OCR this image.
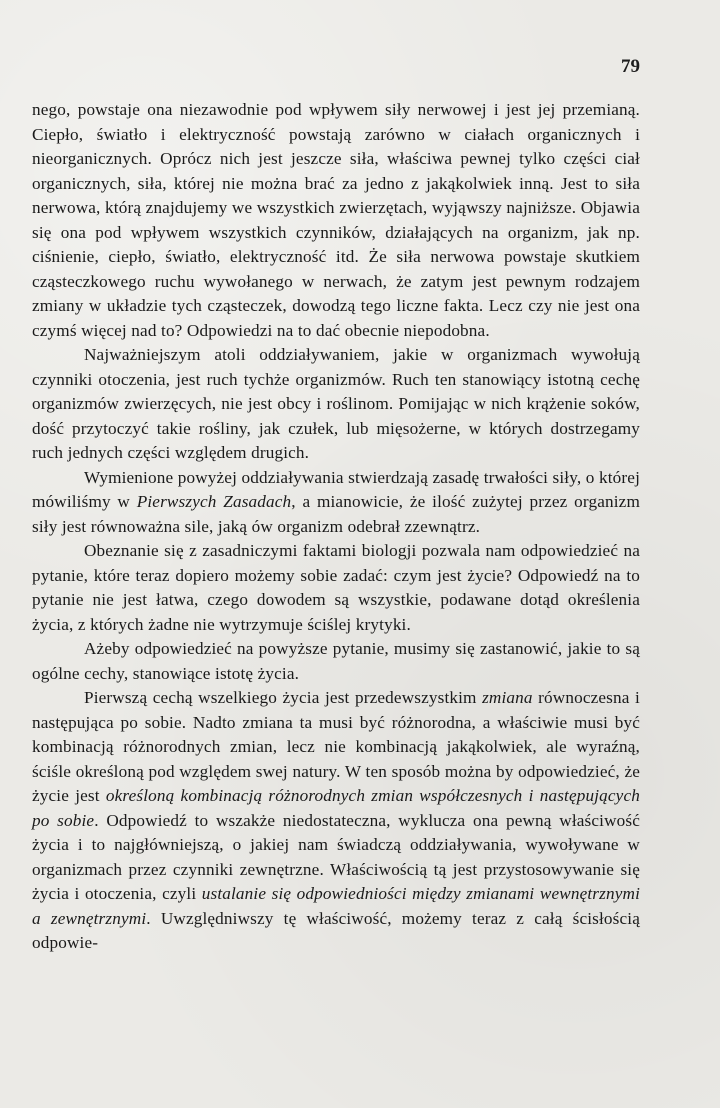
79

nego, powstaje ona niezawodnie pod wpływem siły nerwowej i jest jej przemianą. Ciepło, światło i elektryczność powstają zarówno w ciałach organicznych i nieorganicznych. Oprócz nich jest jeszcze siła, właściwa pewnej tylko części ciał organicznych, siła, której nie można brać za jedno z jakąkolwiek inną. Jest to siła nerwowa, którą znajdujemy we wszystkich zwierzętach, wyjąwszy najniższe. Objawia się ona pod wpływem wszystkich czynników, działających na organizm, jak np. ciśnienie, ciepło, światło, elektryczność itd. Że siła nerwowa powstaje skutkiem cząsteczkowego ruchu wywołanego w nerwach, że zatym jest pewnym rodzajem zmiany w układzie tych cząsteczek, dowodzą tego liczne fakta. Lecz czy nie jest ona czymś więcej nad to? Odpowiedzi na to dać obecnie niepodobna.

Najważniejszym atoli oddziaływaniem, jakie w organizmach wywołują czynniki otoczenia, jest ruch tychże organizmów. Ruch ten stanowiący istotną cechę organizmów zwierzęcych, nie jest obcy i roślinom. Pomijając w nich krążenie soków, dość przytoczyć takie rośliny, jak czułek, lub mięsożerne, w których dostrzegamy ruch jednych części względem drugich.

Wymienione powyżej oddziaływania stwierdzają zasadę trwałości siły, o której mówiliśmy w Pierwszych Zasadach, a mianowicie, że ilość zużytej przez organizm siły jest równoważna sile, jaką ów organizm odebrał zzewnątrz.

Obeznanie się z zasadniczymi faktami biologji pozwala nam odpowiedzieć na pytanie, które teraz dopiero możemy sobie zadać: czym jest życie? Odpowiedź na to pytanie nie jest łatwa, czego dowodem są wszystkie, podawane dotąd określenia życia, z których żadne nie wytrzymuje ściślej krytyki.

Ażeby odpowiedzieć na powyższe pytanie, musimy się zastanowić, jakie to są ogólne cechy, stanowiące istotę życia.

Pierwszą cechą wszelkiego życia jest przedewszystkim zmiana równoczesna i następująca po sobie. Nadto zmiana ta musi być różnorodna, a właściwie musi być kombinacją różnorodnych zmian, lecz nie kombinacją jakąkolwiek, ale wyraźną, ściśle określoną pod względem swej natury. W ten sposób można by odpowiedzieć, że życie jest określoną kombinacją różnorodnych zmian współczesnych i następujących po sobie. Odpowiedź to wszakże niedostateczna, wyklucza ona pewną właściwość życia i to najgłówniejszą, o jakiej nam świadczą oddziaływania, wywoływane w organizmach przez czynniki zewnętrzne. Właściwością tą jest przystosowywanie się życia i otoczenia, czyli ustalanie się odpowiedniości między zmianami wewnętrznymi a zewnętrznymi. Uwzględniwszy tę właściwość, możemy teraz z całą ścisłością odpowie-
